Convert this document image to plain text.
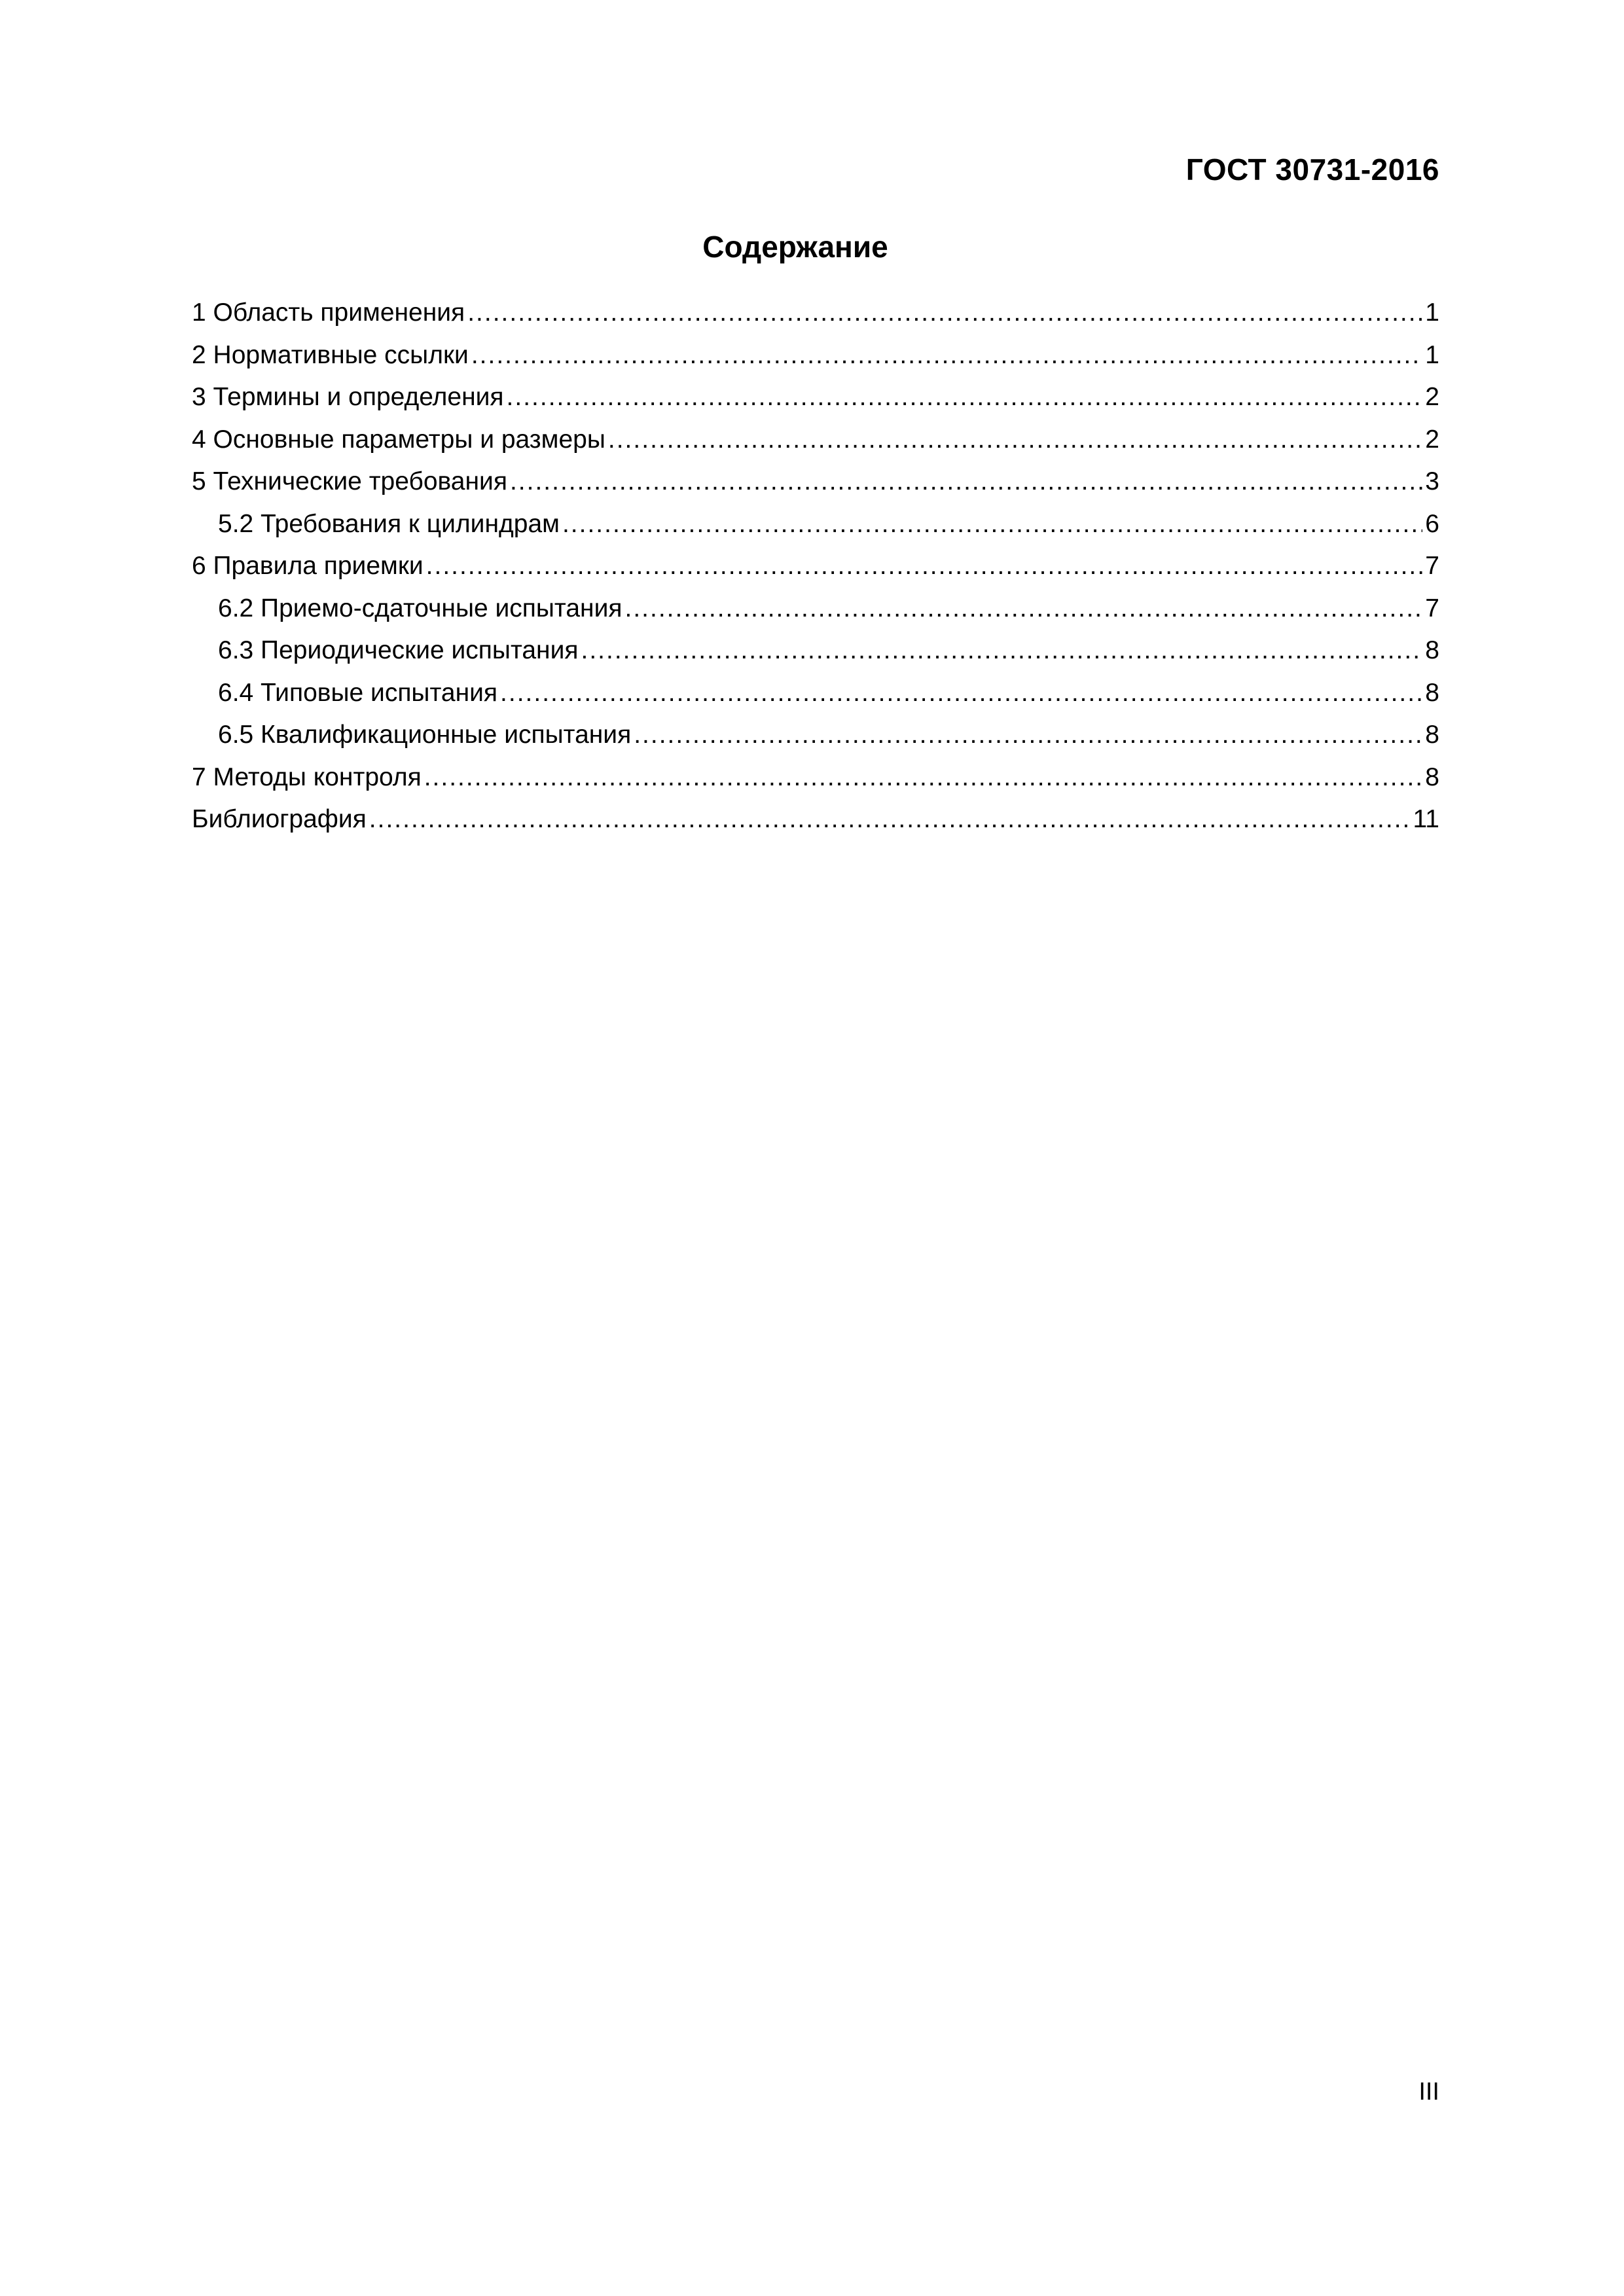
ГОСТ 30731-2016
Содержание
1 Область применения .....	1
2 Нормативные ссылки .....	1
3 Термины и определения .....	2
4 Основные параметры и размеры .....	2
5 Технические требования .....	3
5.2 Требования к цилиндрам .....	6
6 Правила приемки .....	7
6.2 Приемо-сдаточные испытания .....	7
6.3 Периодические испытания .....	8
6.4 Типовые испытания .....	8
6.5 Квалификационные испытания .....	8
7 Методы контроля .....	8
Библиография .....	11
III
